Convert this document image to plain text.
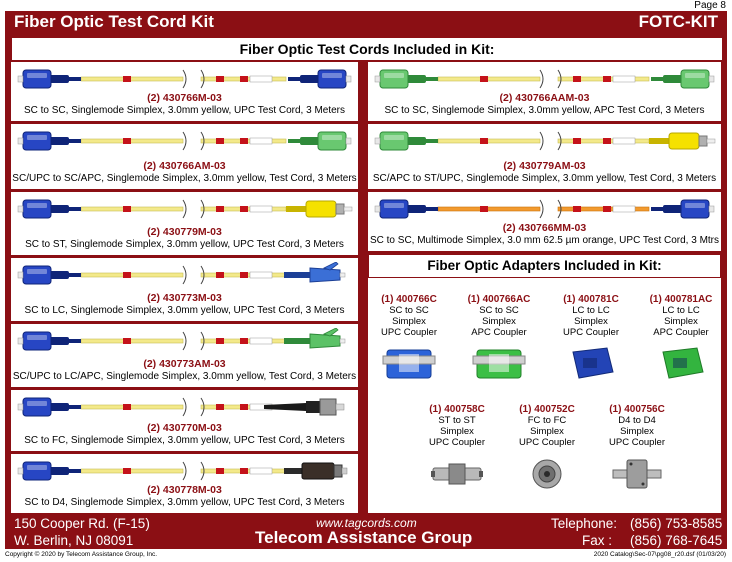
Page 8
Fiber Optic Test Cord Kit	FOTC-KIT
Fiber Optic Test Cords Included in Kit:
(2) 430766M-03
SC to SC, Singlemode Simplex, 3.0mm yellow, UPC Test Cord, 3 Meters
(2) 430766AM-03
SC/UPC to SC/APC, Singlemode Simplex, 3.0mm yellow, Test Cord, 3 Meters
(2) 430779M-03
SC to ST, Singlemode Simplex, 3.0mm yellow, UPC Test Cord, 3 Meters
(2) 430773M-03
SC to LC, Singlemode Simplex, 3.0mm yellow, UPC Test Cord, 3 Meters
(2) 430773AM-03
SC/UPC to LC/APC, Singlemode Simplex, 3.0mm yellow, Test Cord, 3 Meters
(2) 430770M-03
SC to FC, Singlemode Simplex, 3.0mm yellow, UPC Test Cord, 3 Meters
(2) 430778M-03
SC to D4, Singlemode Simplex, 3.0mm yellow, UPC Test Cord, 3 Meters
(2) 430766AAM-03
SC to SC, Singlemode Simplex, 3.0mm yellow, APC Test Cord, 3 Meters
(2) 430779AM-03
SC/APC to ST/UPC, Singlemode Simplex, 3.0mm yellow, Test Cord, 3 Meters
(2) 430766MM-03
SC to SC, Multimode Simplex, 3.0 mm 62.5 µm orange, UPC Test Cord, 3 Mtrs
Fiber Optic Adapters Included in Kit:
(1) 400766C
SC to SC
Simplex
UPC Coupler
(1) 400766AC
SC to SC
Simplex
APC Coupler
(1) 400781C
LC to LC
Simplex
UPC Coupler
(1) 400781AC
LC to LC
Simplex
APC Coupler
(1) 400758C
ST to ST
Simplex
UPC Coupler
(1) 400752C
FC to FC
Simplex
UPC Coupler
(1) 400756C
D4 to D4
Simplex
UPC Coupler
150 Cooper Rd. (F-15)
W. Berlin, NJ 08091
www.tagcords.com
Telecom Assistance Group
Telephone: (856) 753-8585
Fax : (856) 768-7645
Copyright © 2020 by Telecom Assistance Group, Inc.	2020 Catalog\Sec-07\pg08_r20.dsf (01/03/20)
